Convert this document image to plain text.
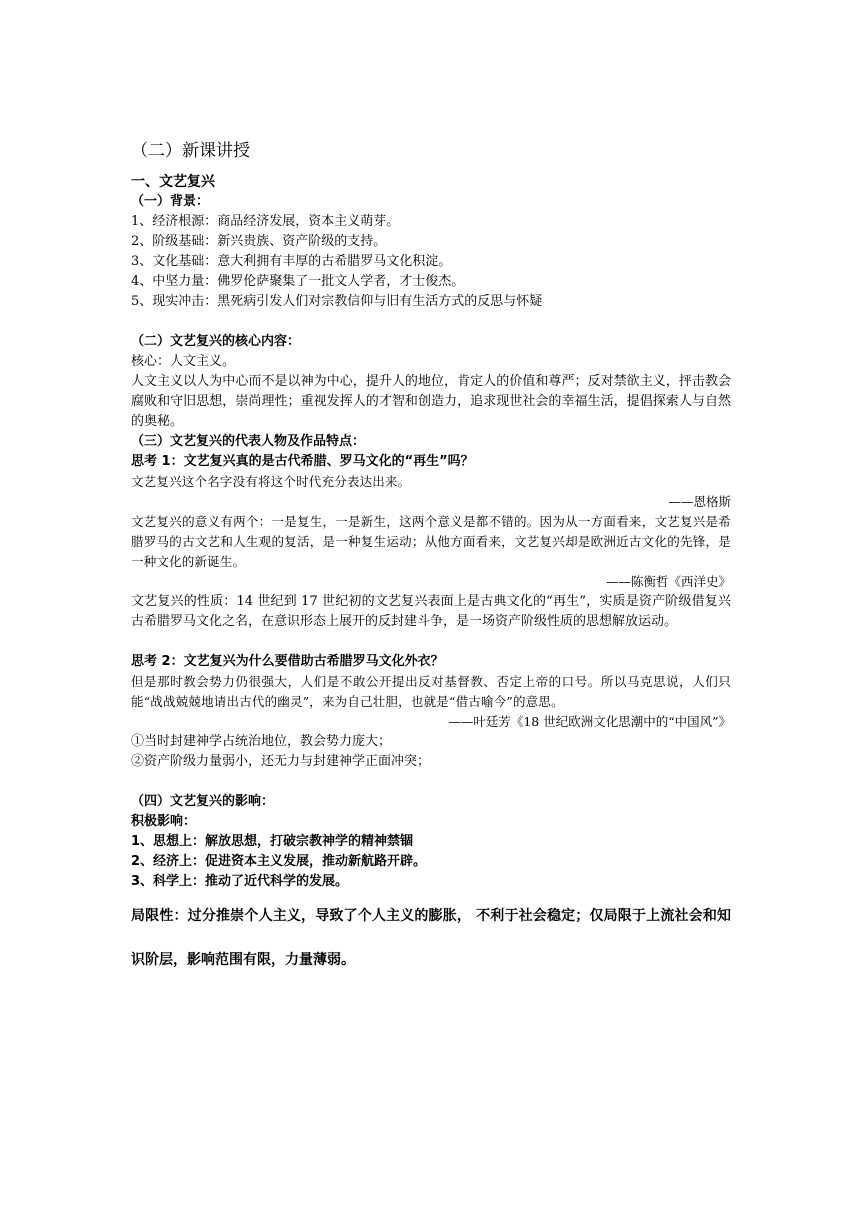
（二）新课讲授
一、文艺复兴
（一）背景：
1、经济根源：商品经济发展，资本主义萌芽。
2、阶级基础：新兴贵族、资产阶级的支持。
3、文化基础：意大利拥有丰厚的古希腊罗马文化积淀。
4、中坚力量：佛罗伦萨聚集了一批文人学者，才士俊杰。
5、现实冲击：黑死病引发人们对宗教信仰与旧有生活方式的反思与怀疑
（二）文艺复兴的核心内容：
核心：人文主义。
人文主义以人为中心而不是以神为中心，提升人的地位，肯定人的价值和尊严；反对禁欲主义，抨击教会腐败和守旧思想，崇尚理性；重视发挥人的才智和创造力，追求现世社会的幸福生活，提倡探索人与自然的奥秘。
（三）文艺复兴的代表人物及作品特点：
思考 1：文艺复兴真的是古代希腊、罗马文化的“再生”吗？
文艺复兴这个名字没有将这个时代充分表达出来。
——恩格斯
文艺复兴的意义有两个：一是复生，一是新生，这两个意义是都不错的。因为从一方面看来，文艺复兴是希腊罗马的古文艺和人生观的复活，是一种复生运动；从他方面看来，文艺复兴却是欧洲近古文化的先锋，是一种文化的新诞生。
——陈衡哲《西洋史》
文艺复兴的性质：14 世纪到 17 世纪初的文艺复兴表面上是古典文化的“再生”，实质是资产阶级借复兴古希腊罗马文化之名，在意识形态上展开的反封建斗争，是一场资产阶级性质的思想解放运动。
思考 2：文艺复兴为什么要借助古希腊罗马文化外衣？
但是那时教会势力仍很强大，人们是不敢公开提出反对基督教、否定上帝的口号。所以马克思说，人们只能“战战兢兢地请出古代的幽灵”，来为自己壮胆，也就是“借古喻今”的意思。
——叶廷芳《18 世纪欧洲文化思潮中的“中国风”》
①当时封建神学占统治地位，教会势力庞大；
②资产阶级力量弱小，还无力与封建神学正面冲突；
（四）文艺复兴的影响：
积极影响：
1、思想上：解放思想，打破宗教神学的精神禁锢
2、经济上：促进资本主义发展，推动新航路开辟。
3、科学上：推动了近代科学的发展。
局限性：过分推崇个人主义，导致了个人主义的膨胀， 不利于社会稳定；仅局限于上流社会和知识阶层，影响范围有限，力量薄弱。
